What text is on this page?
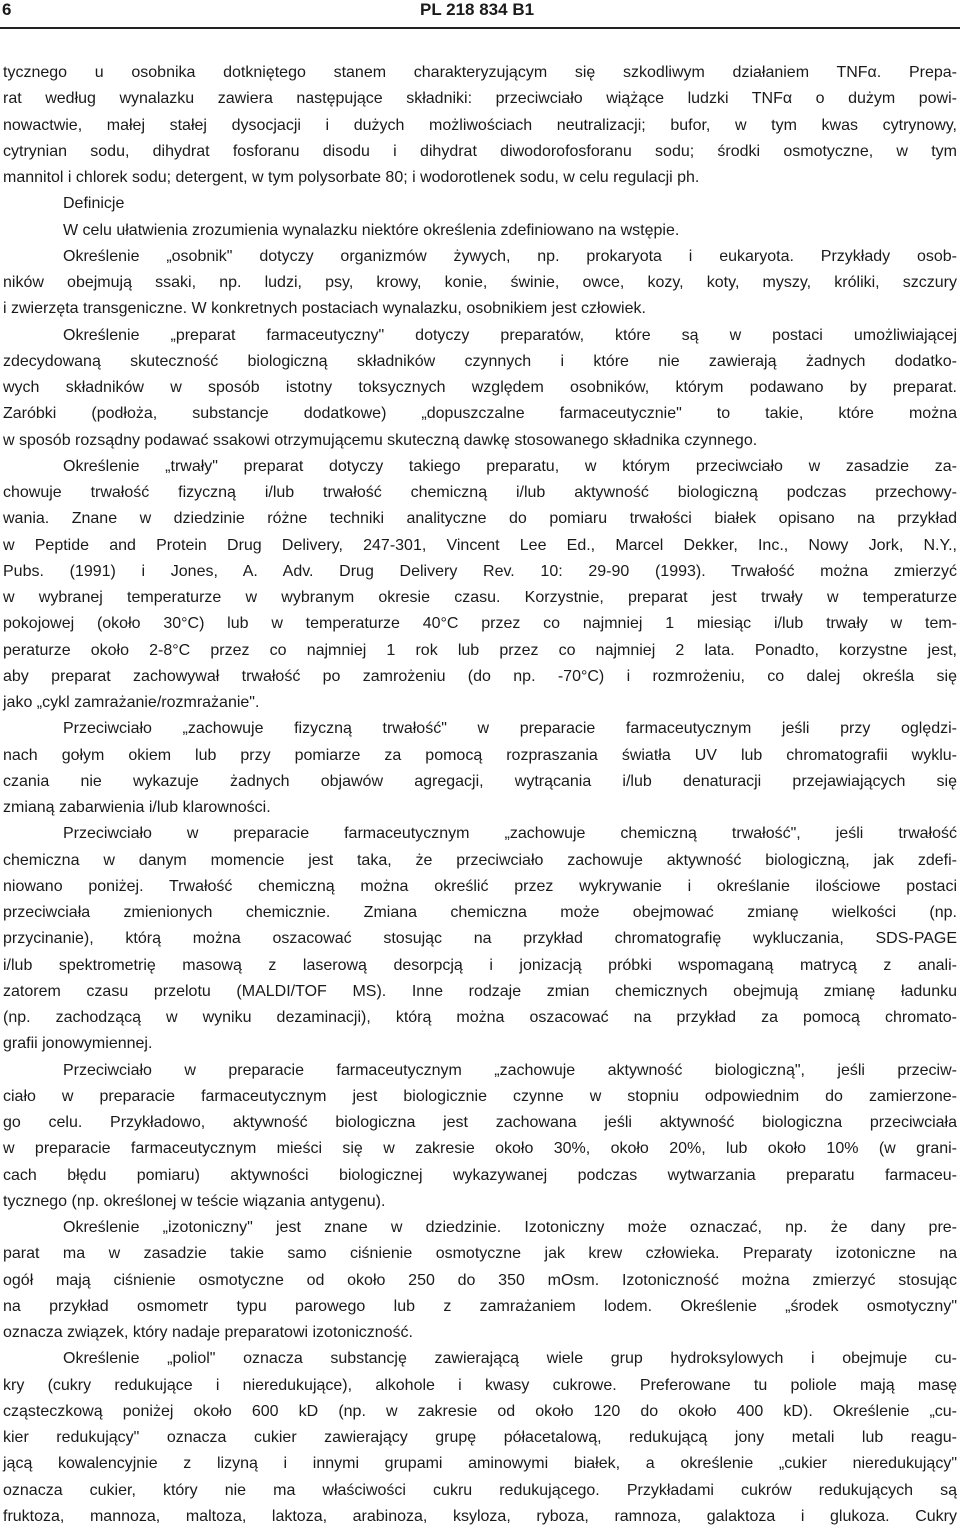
6	PL 218 834 B1
tycznego u osobnika dotkniętego stanem charakteryzującym się szkodliwym działaniem TNFα. Prepa-
rat według wynalazku zawiera następujące składniki: przeciwciało wiążące ludzki TNFα o dużym powi-
nowactwie, małej stałej dysocjacji i dużych możliwościach neutralizacji; bufor, w tym kwas cytrynowy,
cytrynian sodu, dihydrat fosforanu disodu i dihydrat diwodorofosforanu sodu; środki osmotyczne, w tym
mannitol i chlorek sodu; detergent, w tym polysorbate 80; i wodorotlenek sodu, w celu regulacji ph.
Definicje
W celu ułatwienia zrozumienia wynalazku niektóre określenia zdefiniowano na wstępie.
Określenie „osobnik" dotyczy organizmów żywych, np. prokaryota i eukaryota. Przykłady osob-
ników obejmują ssaki, np. ludzi, psy, krowy, konie, świnie, owce, kozy, koty, myszy, króliki, szczury
i zwierzęta transgeniczne. W konkretnych postaciach wynalazku, osobnikiem jest człowiek.
Określenie „preparat farmaceutyczny" dotyczy preparatów, które są w postaci umożliwiającej
zdecydowaną skuteczność biologiczną składników czynnych i które nie zawierają żadnych dodatko-
wych składników w sposób istotny toksycznych względem osobników, którym podawano by preparat.
Zaróbki (podłoża, substancje dodatkowe) „dopuszczalne farmaceutycznie" to takie, które można
w sposób rozsądny podawać ssakowi otrzymującemu skuteczną dawkę stosowanego składnika czynnego.
Określenie „trwały" preparat dotyczy takiego preparatu, w którym przeciwciało w zasadzie za-
chowuje trwałość fizyczną i/lub trwałość chemiczną i/lub aktywność biologiczną podczas przechowy-
wania. Znane w dziedzinie różne techniki analityczne do pomiaru trwałości białek opisano na przykład
w Peptide and Protein Drug Delivery, 247-301, Vincent Lee Ed., Marcel Dekker, Inc., Nowy Jork, N.Y.,
Pubs. (1991) i Jones, A. Adv. Drug Delivery Rev. 10: 29-90 (1993). Trwałość można zmierzyć
w wybranej temperaturze w wybranym okresie czasu. Korzystnie, preparat jest trwały w temperaturze
pokojowej (około 30°C) lub w temperaturze 40°C przez co najmniej 1 miesiąc i/lub trwały w tem-
peraturze około 2-8°C przez co najmniej 1 rok lub przez co najmniej 2 lata. Ponadto, korzystne jest,
aby preparat zachowywał trwałość po zamrożeniu (do np. -70°C) i rozmrożeniu, co dalej określa się
jako „cykl zamrażanie/rozmrażanie".
Przeciwciało „zachowuje fizyczną trwałość" w preparacie farmaceutycznym jeśli przy oględzi-
nach gołym okiem lub przy pomiarze za pomocą rozpraszania światła UV lub chromatografii wyklu-
czania nie wykazuje żadnych objawów agregacji, wytrącania i/lub denaturacji przejawiających się
zmianą zabarwienia i/lub klarowności.
Przeciwciało w preparacie farmaceutycznym „zachowuje chemiczną trwałość", jeśli trwałość
chemiczna w danym momencie jest taka, że przeciwciało zachowuje aktywność biologiczną, jak zdefi-
niowano poniżej. Trwałość chemiczną można określić przez wykrywanie i określanie ilościowe postaci
przeciwciała zmienionych chemicznie. Zmiana chemiczna może obejmować zmianę wielkości (np.
przycinanie), którą można oszacować stosując na przykład chromatografię wykluczania, SDS-PAGE
i/lub spektrometrię masową z laserową desorpcją i jonizacją próbki wspomaganą matrycą z anali-
zatorem czasu przelotu (MALDI/TOF MS). Inne rodzaje zmian chemicznych obejmują zmianę ładunku
(np. zachodzącą w wyniku dezaminacji), którą można oszacować na przykład za pomocą chromato-
grafii jonowymiennej.
Przeciwciało w preparacie farmaceutycznym „zachowuje aktywność biologiczną", jeśli przeciw-
ciało w preparacie farmaceutycznym jest biologicznie czynne w stopniu odpowiednim do zamierzone-
go celu. Przykładowo, aktywność biologiczna jest zachowana jeśli aktywność biologiczna przeciwciała
w preparacie farmaceutycznym mieści się w zakresie około 30%, około 20%, lub około 10% (w grani-
cach błędu pomiaru) aktywności biologicznej wykazywanej podczas wytwarzania preparatu farmaceu-
tycznego (np. określonej w teście wiązania antygenu).
Określenie „izotoniczny" jest znane w dziedzinie. Izotoniczny może oznaczać, np. że dany pre-
parat ma w zasadzie takie samo ciśnienie osmotyczne jak krew człowieka. Preparaty izotoniczne na
ogół mają ciśnienie osmotyczne od około 250 do 350 mOsm. Izotoniczność można zmierzyć stosując
na przykład osmometr typu parowego lub z zamrażaniem lodem. Określenie „środek osmotyczny"
oznacza związek, który nadaje preparatowi izotoniczność.
Określenie „poliol" oznacza substancję zawierającą wiele grup hydroksylowych i obejmuje cu-
kry (cukry redukujące i nieredukujące), alkohole i kwasy cukrowe. Preferowane tu poliole mają masę
cząsteczkową poniżej około 600 kD (np. w zakresie od około 120 do około 400 kD). Określenie „cu-
kier redukujący" oznacza cukier zawierający grupę półacetalową, redukującą jony metali lub reagu-
jącą kowalencyjnie z lizyną i innymi grupami aminowymi białek, a określenie „cukier nieredukujący"
oznacza cukier, który nie ma właściwości cukru redukującego. Przykładami cukrów redukujących są
fruktoza, mannoza, maltoza, laktoza, arabinoza, ksyloza, ryboza, ramnoza, galaktoza i glukoza. Cukry
